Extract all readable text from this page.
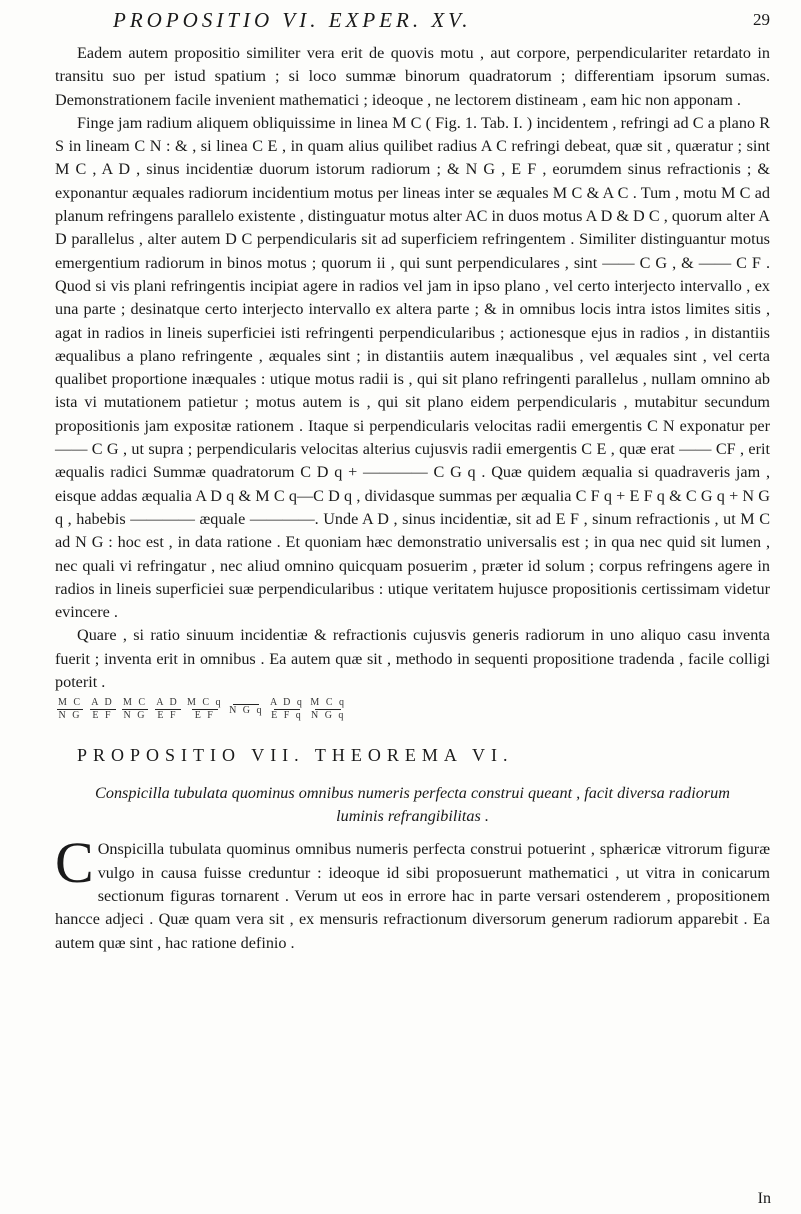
PROPOSITIO VI. EXPER. XV.	29

Eadem autem propositio similiter vera erit de quovis motu , aut corpore, perpendiculariter retardato in transitu suo per istud spatium ; si loco summæ binorum quadratorum ; differentiam ipsorum sumas. Demonstrationem facile invenient mathematici ; ideoque , ne lectorem distineam , eam hic non apponam .

Finge jam radium aliquem obliquissime in linea M C ( Fig. 1. Tab. I. ) incidentem , refringi ad C a plano R S in lineam C N : & , si linea C E , in quam alius quilibet radius A C refringi debeat, quæ sit , quæratur ; sint M C , A D , sinus incidentiæ duorum istorum radiorum ; & N G , E F , eorumdem sinus refractionis ; & exponantur æquales radiorum incidentium motus per lineas inter se æquales M C & A C . Tum , motu M C ad planum refringens parallelo existente , distinguatur motus alter AC in duos motus A D & D C , quorum alter A D parallelus , alter autem D C perpendicularis sit ad superficiem refringentem . Similiter distinguantur motus emergentium radiorum in binos motus ; quorum ii , qui sunt perpendiculares , sint ―― C G , & ―― C F . Quod si vis plani refringentis incipiat agere in radios vel jam in ipso plano , vel certo interjecto intervallo , ex una parte ; desinatque certo interjecto intervallo ex altera parte ; & in omnibus locis intra istos limites sitis , agat in radios in lineis superficiei isti refringenti perpendicularibus ; actionesque ejus in radios , in distantiis æqualibus a plano refringente , æquales sint ; in distantiis autem inæqualibus , vel æquales sint , vel certa qualibet proportione inæquales : utique motus radii is , qui sit plano refringenti parallelus , nullam omnino ab ista vi mutationem patietur ; motus autem is , qui sit plano eidem perpendicularis , mutabitur secundum propositionis jam expositæ rationem . Itaque si perpendicularis velocitas radii emergentis C N exponatur per ―― C G , ut supra ; perpendicularis velocitas alterius cujusvis radii emergentis C E , quæ erat ―― CF , erit æqualis radici Summæ quadratorum C D q + ―――― C G q . Quæ quidem æqualia si quadraveris jam , eisque addas æqualia A D q & M C q—C D q , dividasque summas per æqualia C F q + E F q & C G q + N G q , habebis ―――― æquale ――――. Unde A D , sinus incidentiæ, sit ad E F , sinum refractionis , ut M C ad N G : hoc est , in data ratione . Et quoniam hæc demonstratio universalis est ; in qua nec quid sit lumen , nec quali vi refringatur , nec aliud omnino quicquam posuerim , præter id solum ; corpus refringens agere in radios in lineis superficiei suæ perpendicularibus : utique veritatem hujusce propositionis certissimam videtur evincere .

Quare , si ratio sinuum incidentiæ & refractionis cujusvis generis radiorum in uno aliquo casu inventa fuerit ; inventa erit in omnibus . Ea autem quæ sit , methodo in sequenti propositione tradenda , facile colligi poterit .

$\frac{\text{M C}}{\text{N G}}$
$\frac{\text{A D}}{\text{E F}}$
$\frac{\text{M C}}{\text{N G}}$
$\frac{\text{A D}}{\text{E F}}$
$\frac{\text{M C q}}{\text{E F}}$
N G q
$\frac{\text{A D q}}{\text{E F q}}$
$\frac{\text{M C q}}{\text{N G q}}$
PROPOSITIO VII. THEOREMA VI.
Conspicilla tubulata quominus omnibus numeris perfecta construi queant , facit diversa radiorum luminis refrangibilitas .

C Onspicilla tubulata quominus omnibus numeris perfecta construi potuerint , sphæricæ vitrorum figuræ vulgo in causa fuisse creduntur : ideoque id sibi proposuerunt mathematici , ut vitra in conicarum sectionum figuras tornarent . Verum ut eos in errore hac in parte versari ostenderem , propositionem hancce adjeci . Quæ quam vera sit , ex mensuris refractionum diversorum generum radiorum apparebit . Ea autem quæ sint , hac ratione definio .

In
